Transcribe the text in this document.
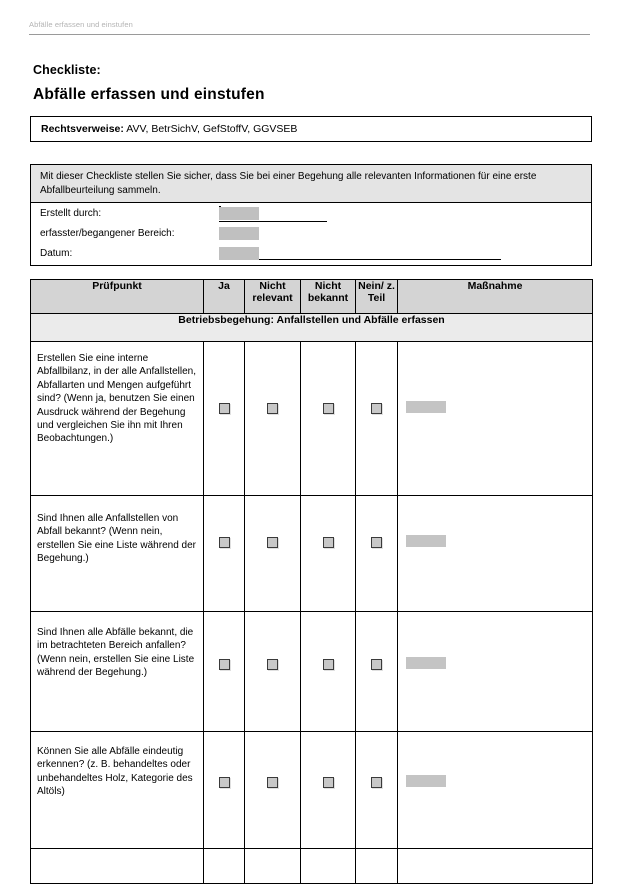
Abfälle erfassen und einstufen
Checkliste:
Abfälle erfassen und einstufen
Rechtsverweise: AVV, BetrSichV, GefStoffV, GGVSEB
Mit dieser Checkliste stellen Sie sicher, dass Sie bei einer Begehung alle relevanten Informationen für eine erste Abfallbeurteilung sammeln.
Erstellt durch:
erfasster/begangener Bereich:
Datum:
Prüfpunkt	Ja	Nicht relevant	Nicht bekannt	Nein/ z. Teil	Maßnahme
Betriebsbegehung: Anfallstellen und Abfälle erfassen					
Erstellen Sie eine interne Abfallbilanz, in der alle Anfallstellen, Abfallarten und Mengen aufgeführt sind? (Wenn ja, benutzen Sie einen Ausdruck während der Begehung und vergleichen Sie ihn mit Ihren Beobachtungen.)					

Sind Ihnen alle Anfallstellen von Abfall bekannt? (Wenn nein, erstellen Sie eine Liste während der Begehung.)					

Sind Ihnen alle Abfälle bekannt, die im betrachteten Bereich anfallen? (Wenn nein, erstellen Sie eine Liste während der Begehung.)					

Können Sie alle Abfälle eindeutig erkennen? (z. B. behandeltes oder unbehandeltes Holz, Kategorie des Altöls)					
